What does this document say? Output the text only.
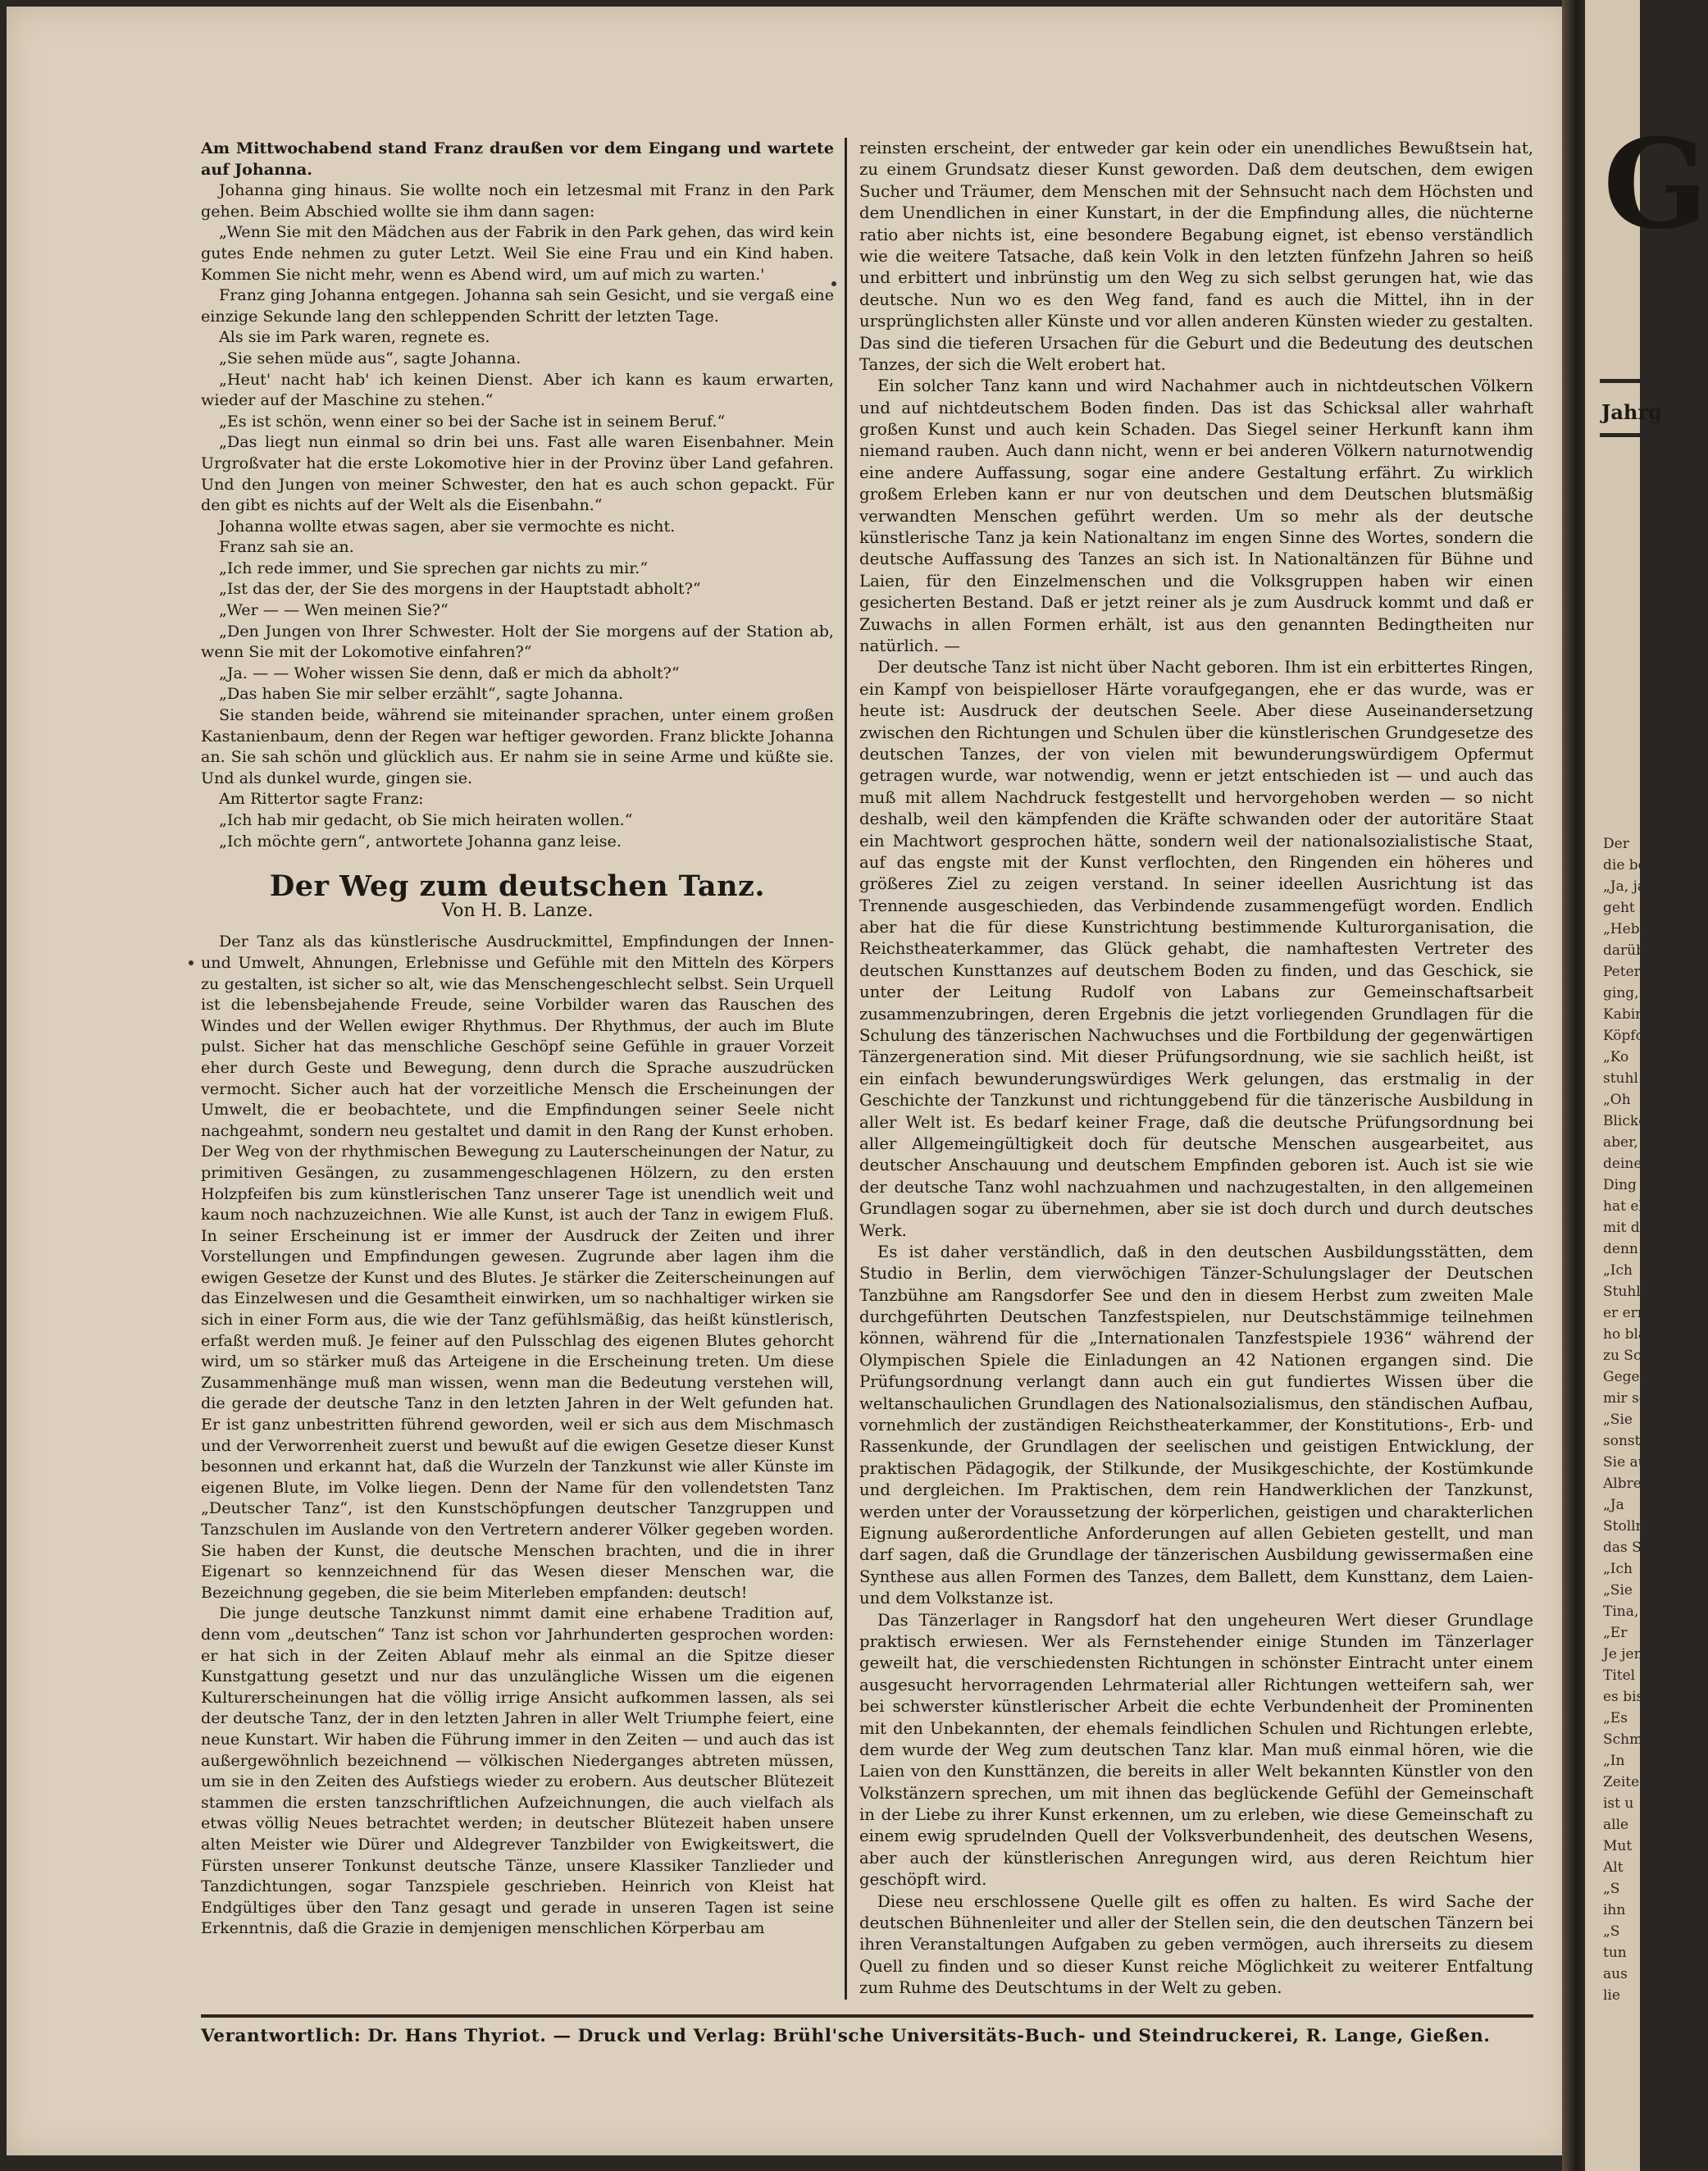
G
Jahrg
Der
die beid
„Ja, ja,
geht der
„Heb
darüber
Peters
ging, n
Kabinet
Köpfche
„Ko
stuhl au
„Oh
Blicke ü
aber, (
deine S
Ding —
hat ebe
mit dem
denn a
„Ich
Stuhl, d
er ernf
ho bla
zu Sch
Gegenf
mir sch
„Sie
sonst w
Sie au
Albred
„Ja
Stollm
das Sto
„Ich
„Sie
Tina, n
„Er
Je jen
Titel
es bis
„Es
Schmidt
„In
Zeite
ist u
alle
Mut
Alt
„S
ihn
„S
tun
aus
lie

Am Mittwochabend stand Franz draußen vor dem Eingang und wartete auf Johanna.

Johanna ging hinaus. Sie wollte noch ein letzesmal mit Franz in den Park gehen. Beim Abschied wollte sie ihm dann sagen:

„Wenn Sie mit den Mädchen aus der Fabrik in den Park gehen, das wird kein gutes Ende nehmen zu guter Letzt. Weil Sie eine Frau und ein Kind haben. Kommen Sie nicht mehr, wenn es Abend wird, um auf mich zu warten.'

Franz ging Johanna entgegen. Johanna sah sein Gesicht, und sie vergaß eine einzige Sekunde lang den schleppenden Schritt der letzten Tage.

Als sie im Park waren, regnete es.

„Sie sehen müde aus“, sagte Johanna.

„Heut' nacht hab' ich keinen Dienst. Aber ich kann es kaum erwarten, wieder auf der Maschine zu stehen.“

„Es ist schön, wenn einer so bei der Sache ist in seinem Beruf.“

„Das liegt nun einmal so drin bei uns. Fast alle waren Eisenbahner. Mein Urgroßvater hat die erste Lokomotive hier in der Provinz über Land gefahren. Und den Jungen von meiner Schwester, den hat es auch schon gepackt. Für den gibt es nichts auf der Welt als die Eisenbahn.“

Johanna wollte etwas sagen, aber sie vermochte es nicht.

Franz sah sie an.

„Ich rede immer, und Sie sprechen gar nichts zu mir.“

„Ist das der, der Sie des morgens in der Hauptstadt abholt?“

„Wer — — Wen meinen Sie?“

„Den Jungen von Ihrer Schwester. Holt der Sie morgens auf der Station ab, wenn Sie mit der Lokomotive einfahren?“

„Ja. — — Woher wissen Sie denn, daß er mich da abholt?“

„Das haben Sie mir selber erzählt“, sagte Johanna.

Sie standen beide, während sie miteinander sprachen, unter einem großen Kastanienbaum, denn der Regen war heftiger geworden. Franz blickte Johanna an. Sie sah schön und glücklich aus. Er nahm sie in seine Arme und küßte sie. Und als dunkel wurde, gingen sie.

Am Rittertor sagte Franz:

„Ich hab mir gedacht, ob Sie mich heiraten wollen.“

„Ich möchte gern“, antwortete Johanna ganz leise.

Der Weg zum deutschen Tanz.

Von H. B. Lanze.

Der Tanz als das künstlerische Ausdruckmittel, Empfindungen der Innen- und Umwelt, Ahnungen, Erlebnisse und Gefühle mit den Mitteln des Körpers zu gestalten, ist sicher so alt, wie das Menschengeschlecht selbst. Sein Urquell ist die lebensbejahende Freude, seine Vorbilder waren das Rauschen des Windes und der Wellen ewiger Rhythmus. Der Rhythmus, der auch im Blute pulst. Sicher hat das menschliche Geschöpf seine Gefühle in grauer Vorzeit eher durch Geste und Bewegung, denn durch die Sprache auszudrücken vermocht. Sicher auch hat der vorzeitliche Mensch die Erscheinungen der Umwelt, die er beobachtete, und die Empfindungen seiner Seele nicht nachgeahmt, sondern neu gestaltet und damit in den Rang der Kunst erhoben. Der Weg von der rhythmischen Bewegung zu Lauterscheinungen der Natur, zu primitiven Gesängen, zu zusammengeschlagenen Hölzern, zu den ersten Holzpfeifen bis zum künstlerischen Tanz unserer Tage ist unendlich weit und kaum noch nachzuzeichnen. Wie alle Kunst, ist auch der Tanz in ewigem Fluß. In seiner Erscheinung ist er immer der Ausdruck der Zeiten und ihrer Vorstellungen und Empfindungen gewesen. Zugrunde aber lagen ihm die ewigen Gesetze der Kunst und des Blutes. Je stärker die Zeiterscheinungen auf das Einzelwesen und die Gesamtheit einwirken, um so nachhaltiger wirken sie sich in einer Form aus, die wie der Tanz gefühlsmäßig, das heißt künstlerisch, erfaßt werden muß. Je feiner auf den Pulsschlag des eigenen Blutes gehorcht wird, um so stärker muß das Arteigene in die Erscheinung treten. Um diese Zusammenhänge muß man wissen, wenn man die Bedeutung verstehen will, die gerade der deutsche Tanz in den letzten Jahren in der Welt gefunden hat. Er ist ganz unbestritten führend geworden, weil er sich aus dem Mischmasch und der Verworrenheit zuerst und bewußt auf die ewigen Gesetze dieser Kunst besonnen und erkannt hat, daß die Wurzeln der Tanzkunst wie aller Künste im eigenen Blute, im Volke liegen. Denn der Name für den vollendetsten Tanz „Deutscher Tanz“, ist den Kunstschöpfungen deutscher Tanzgruppen und Tanzschulen im Auslande von den Vertretern anderer Völker gegeben worden. Sie haben der Kunst, die deutsche Menschen brachten, und die in ihrer Eigenart so kennzeichnend für das Wesen dieser Menschen war, die Bezeichnung gegeben, die sie beim Miterleben empfanden: deutsch!

Die junge deutsche Tanzkunst nimmt damit eine erhabene Tradition auf, denn vom „deutschen“ Tanz ist schon vor Jahrhunderten gesprochen worden: er hat sich in der Zeiten Ablauf mehr als einmal an die Spitze dieser Kunstgattung gesetzt und nur das unzulängliche Wissen um die eigenen Kulturerscheinungen hat die völlig irrige Ansicht aufkommen lassen, als sei der deutsche Tanz, der in den letzten Jahren in aller Welt Triumphe feiert, eine neue Kunstart. Wir haben die Führung immer in den Zeiten — und auch das ist außergewöhnlich bezeichnend — völkischen Niederganges abtreten müssen, um sie in den Zeiten des Aufstiegs wieder zu erobern. Aus deutscher Blütezeit stammen die ersten tanzschriftlichen Aufzeichnungen, die auch vielfach als etwas völlig Neues betrachtet werden; in deutscher Blütezeit haben unsere alten Meister wie Dürer und Aldegrever Tanzbilder von Ewigkeitswert, die Fürsten unserer Tonkunst deutsche Tänze, unsere Klassiker Tanzlieder und Tanzdichtungen, sogar Tanzspiele geschrieben. Heinrich von Kleist hat Endgültiges über den Tanz gesagt und gerade in unseren Tagen ist seine Erkenntnis, daß die Grazie in demjenigen menschlichen Körperbau am

reinsten erscheint, der entweder gar kein oder ein unendliches Bewußtsein hat, zu einem Grundsatz dieser Kunst geworden. Daß dem deutschen, dem ewigen Sucher und Träumer, dem Menschen mit der Sehnsucht nach dem Höchsten und dem Unendlichen in einer Kunstart, in der die Empfindung alles, die nüchterne ratio aber nichts ist, eine besondere Begabung eignet, ist ebenso verständlich wie die weitere Tatsache, daß kein Volk in den letzten fünfzehn Jahren so heiß und erbittert und inbrünstig um den Weg zu sich selbst gerungen hat, wie das deutsche. Nun wo es den Weg fand, fand es auch die Mittel, ihn in der ursprünglichsten aller Künste und vor allen anderen Künsten wieder zu gestalten. Das sind die tieferen Ursachen für die Geburt und die Bedeutung des deutschen Tanzes, der sich die Welt erobert hat.

Ein solcher Tanz kann und wird Nachahmer auch in nichtdeutschen Völkern und auf nichtdeutschem Boden finden. Das ist das Schicksal aller wahrhaft großen Kunst und auch kein Schaden. Das Siegel seiner Herkunft kann ihm niemand rauben. Auch dann nicht, wenn er bei anderen Völkern naturnotwendig eine andere Auffassung, sogar eine andere Gestaltung erfährt. Zu wirklich großem Erleben kann er nur von deutschen und dem Deutschen blutsmäßig verwandten Menschen geführt werden. Um so mehr als der deutsche künstlerische Tanz ja kein Nationaltanz im engen Sinne des Wortes, sondern die deutsche Auffassung des Tanzes an sich ist. In Nationaltänzen für Bühne und Laien, für den Einzelmenschen und die Volksgruppen haben wir einen gesicherten Bestand. Daß er jetzt reiner als je zum Ausdruck kommt und daß er Zuwachs in allen Formen erhält, ist aus den genannten Bedingtheiten nur natürlich. —

Der deutsche Tanz ist nicht über Nacht geboren. Ihm ist ein erbittertes Ringen, ein Kampf von beispielloser Härte voraufgegangen, ehe er das wurde, was er heute ist: Ausdruck der deutschen Seele. Aber diese Auseinandersetzung zwischen den Richtungen und Schulen über die künstlerischen Grundgesetze des deutschen Tanzes, der von vielen mit bewunderungswürdigem Opfermut getragen wurde, war notwendig, wenn er jetzt entschieden ist — und auch das muß mit allem Nachdruck festgestellt und hervorgehoben werden — so nicht deshalb, weil den kämpfenden die Kräfte schwanden oder der autoritäre Staat ein Machtwort gesprochen hätte, sondern weil der nationalsozialistische Staat, auf das engste mit der Kunst verflochten, den Ringenden ein höheres und größeres Ziel zu zeigen verstand. In seiner ideellen Ausrichtung ist das Trennende ausgeschieden, das Verbindende zusammengefügt worden. Endlich aber hat die für diese Kunstrichtung bestimmende Kulturorganisation, die Reichstheaterkammer, das Glück gehabt, die namhaftesten Vertreter des deutschen Kunsttanzes auf deutschem Boden zu finden, und das Geschick, sie unter der Leitung Rudolf von Labans zur Gemeinschaftsarbeit zusammenzubringen, deren Ergebnis die jetzt vorliegenden Grundlagen für die Schulung des tänzerischen Nachwuchses und die Fortbildung der gegenwärtigen Tänzergeneration sind. Mit dieser Prüfungsordnung, wie sie sachlich heißt, ist ein einfach bewunderungswürdiges Werk gelungen, das erstmalig in der Geschichte der Tanzkunst und richtunggebend für die tänzerische Ausbildung in aller Welt ist. Es bedarf keiner Frage, daß die deutsche Prüfungsordnung bei aller Allgemeingültigkeit doch für deutsche Menschen ausgearbeitet, aus deutscher Anschauung und deutschem Empfinden geboren ist. Auch ist sie wie der deutsche Tanz wohl nachzuahmen und nachzugestalten, in den allgemeinen Grundlagen sogar zu übernehmen, aber sie ist doch durch und durch deutsches Werk.

Es ist daher verständlich, daß in den deutschen Ausbildungsstätten, dem Studio in Berlin, dem vierwöchigen Tänzer-Schulungslager der Deutschen Tanzbühne am Rangsdorfer See und den in diesem Herbst zum zweiten Male durchgeführten Deutschen Tanzfestspielen, nur Deutschstämmige teilnehmen können, während für die „Internationalen Tanzfestspiele 1936“ während der Olympischen Spiele die Einladungen an 42 Nationen ergangen sind. Die Prüfungsordnung verlangt dann auch ein gut fundiertes Wissen über die weltanschaulichen Grundlagen des Nationalsozialismus, den ständischen Aufbau, vornehmlich der zuständigen Reichstheaterkammer, der Konstitutions-, Erb- und Rassenkunde, der Grundlagen der seelischen und geistigen Entwicklung, der praktischen Pädagogik, der Stilkunde, der Musikgeschichte, der Kostümkunde und dergleichen. Im Praktischen, dem rein Handwerklichen der Tanzkunst, werden unter der Voraussetzung der körperlichen, geistigen und charakterlichen Eignung außerordentliche Anforderungen auf allen Gebieten gestellt, und man darf sagen, daß die Grundlage der tänzerischen Ausbildung gewissermaßen eine Synthese aus allen Formen des Tanzes, dem Ballett, dem Kunsttanz, dem Laien- und dem Volkstanze ist.

Das Tänzerlager in Rangsdorf hat den ungeheuren Wert dieser Grundlage praktisch erwiesen. Wer als Fernstehender einige Stunden im Tänzerlager geweilt hat, die verschiedensten Richtungen in schönster Eintracht unter einem ausgesucht hervorragenden Lehrmaterial aller Richtungen wetteifern sah, wer bei schwerster künstlerischer Arbeit die echte Verbundenheit der Prominenten mit den Unbekannten, der ehemals feindlichen Schulen und Richtungen erlebte, dem wurde der Weg zum deutschen Tanz klar. Man muß einmal hören, wie die Laien von den Kunsttänzen, die bereits in aller Welt bekannten Künstler von den Volkstänzern sprechen, um mit ihnen das beglückende Gefühl der Gemeinschaft in der Liebe zu ihrer Kunst erkennen, um zu erleben, wie diese Gemeinschaft zu einem ewig sprudelnden Quell der Volksverbundenheit, des deutschen Wesens, aber auch der künstlerischen Anregungen wird, aus deren Reichtum hier geschöpft wird.

Diese neu erschlossene Quelle gilt es offen zu halten. Es wird Sache der deutschen Bühnenleiter und aller der Stellen sein, die den deutschen Tänzern bei ihren Veranstaltungen Aufgaben zu geben vermögen, auch ihrerseits zu diesem Quell zu finden und so dieser Kunst reiche Möglichkeit zu weiterer Entfaltung zum Ruhme des Deutschtums in der Welt zu geben.

Verantwortlich: Dr. Hans Thyriot. — Druck und Verlag: Brühl'sche Universitäts-Buch- und Steindruckerei, R. Lange, Gießen.
